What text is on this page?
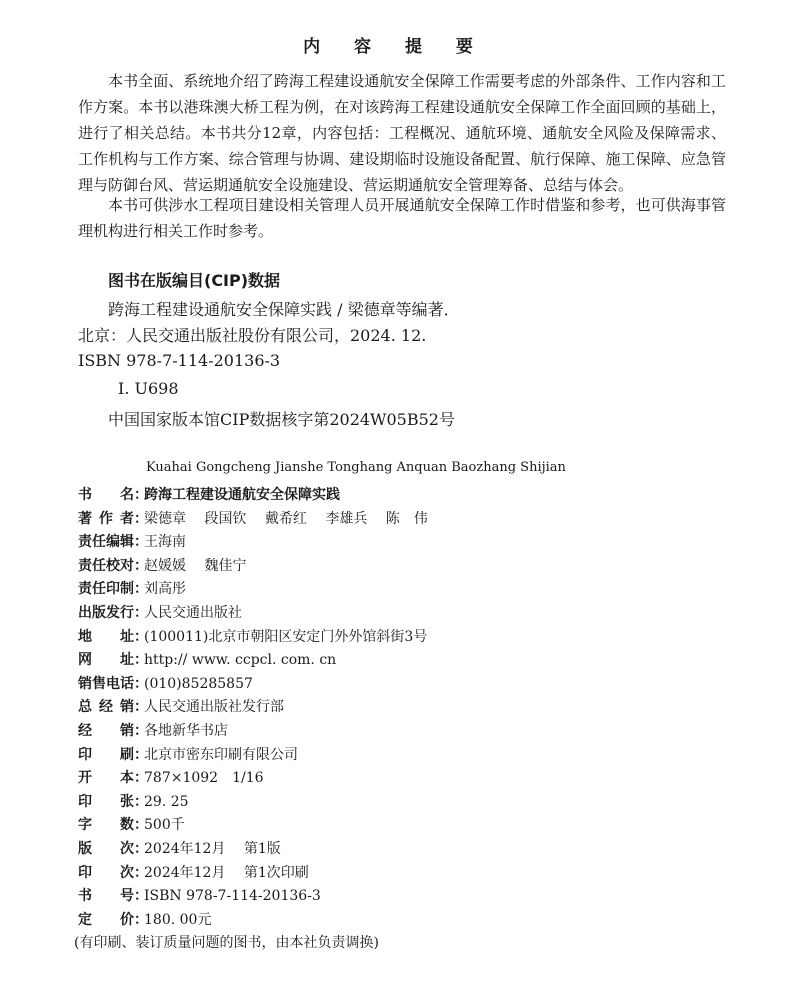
内 容 提 要
本书全面、系统地介绍了跨海工程建设通航安全保障工作需要考虑的外部条件、工作内容和工作方案。本书以港珠澳大桥工程为例，在对该跨海工程建设通航安全保障工作全面回顾的基础上，进行了相关总结。本书共分12章，内容包括：工程概况、通航环境、通航安全风险及保障需求、工作机构与工作方案、综合管理与协调、建设期临时设施设备配置、航行保障、施工保障、应急管理与防御台风、营运期通航安全设施建设、营运期通航安全管理筹备、总结与体会。
本书可供涉水工程项目建设相关管理人员开展通航安全保障工作时借鉴和参考，也可供海事管理机构进行相关工作时参考。
图书在版编目(CIP)数据
跨海工程建设通航安全保障实践 / 梁德章等编著．
北京：人民交通出版社股份有限公司，2024. 12.
ISBN 978-7-114-20136-3
Ⅰ. U698
中国国家版本馆CIP数据核字第2024W05B52号
Kuahai Gongcheng Jianshe Tonghang Anquan Baozhang Shijian
书 名 ：
跨海工程建设通航安全保障实践
著 作 者 ：
梁德章　 段国钦　 戴希红　 李雄兵　 陈　伟
责 任 编 辑 ：
王海南
责 任 校 对 ：
赵媛媛　 魏佳宁
责 任 印 制 ：
刘高彤
出 版 发 行 ：
人民交通出版社
地 址 ：
(100011)北京市朝阳区安定门外外馆斜街3号
网 址 ：
http:// www. ccpcl. com. cn
销 售 电 话 ：
(010)85285857
总 经 销 ：
人民交通出版社发行部
经 销 ：
各地新华书店
印 刷 ：
北京市密东印刷有限公司
开 本 ：
787×1092　1/16
印 张 ：
29. 25
字 数 ：
500千
版 次 ：
2024年12月　 第1版
印 次 ：
2024年12月　 第1次印刷
书 号 ：
ISBN 978-7-114-20136-3
定 价 ：
180. 00元
(有印刷、装订质量问题的图书，由本社负责调换)
